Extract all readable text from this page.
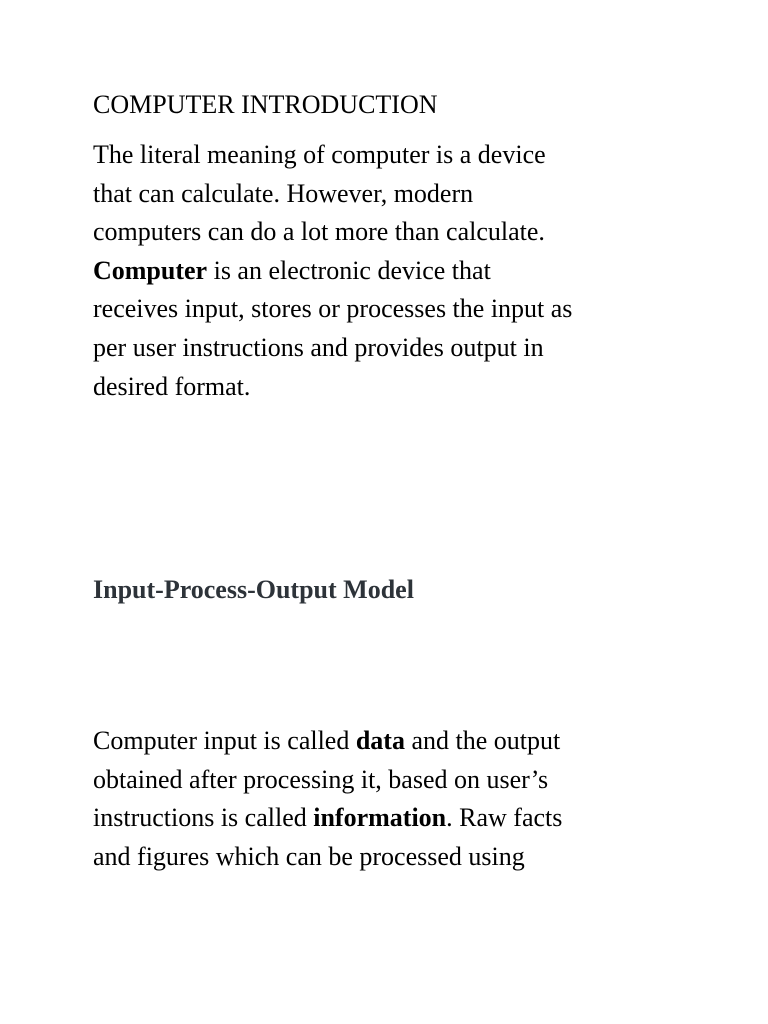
COMPUTER INTRODUCTION

The literal meaning of computer is a device
that can calculate. However, modern
computers can do a lot more than calculate.
Computer is an electronic device that
receives input, stores or processes the input as
per user instructions and provides output in
desired format.

Input-Process-Output Model

Computer input is called data and the output
obtained after processing it, based on user’s
instructions is called information. Raw facts
and figures which can be processed using
